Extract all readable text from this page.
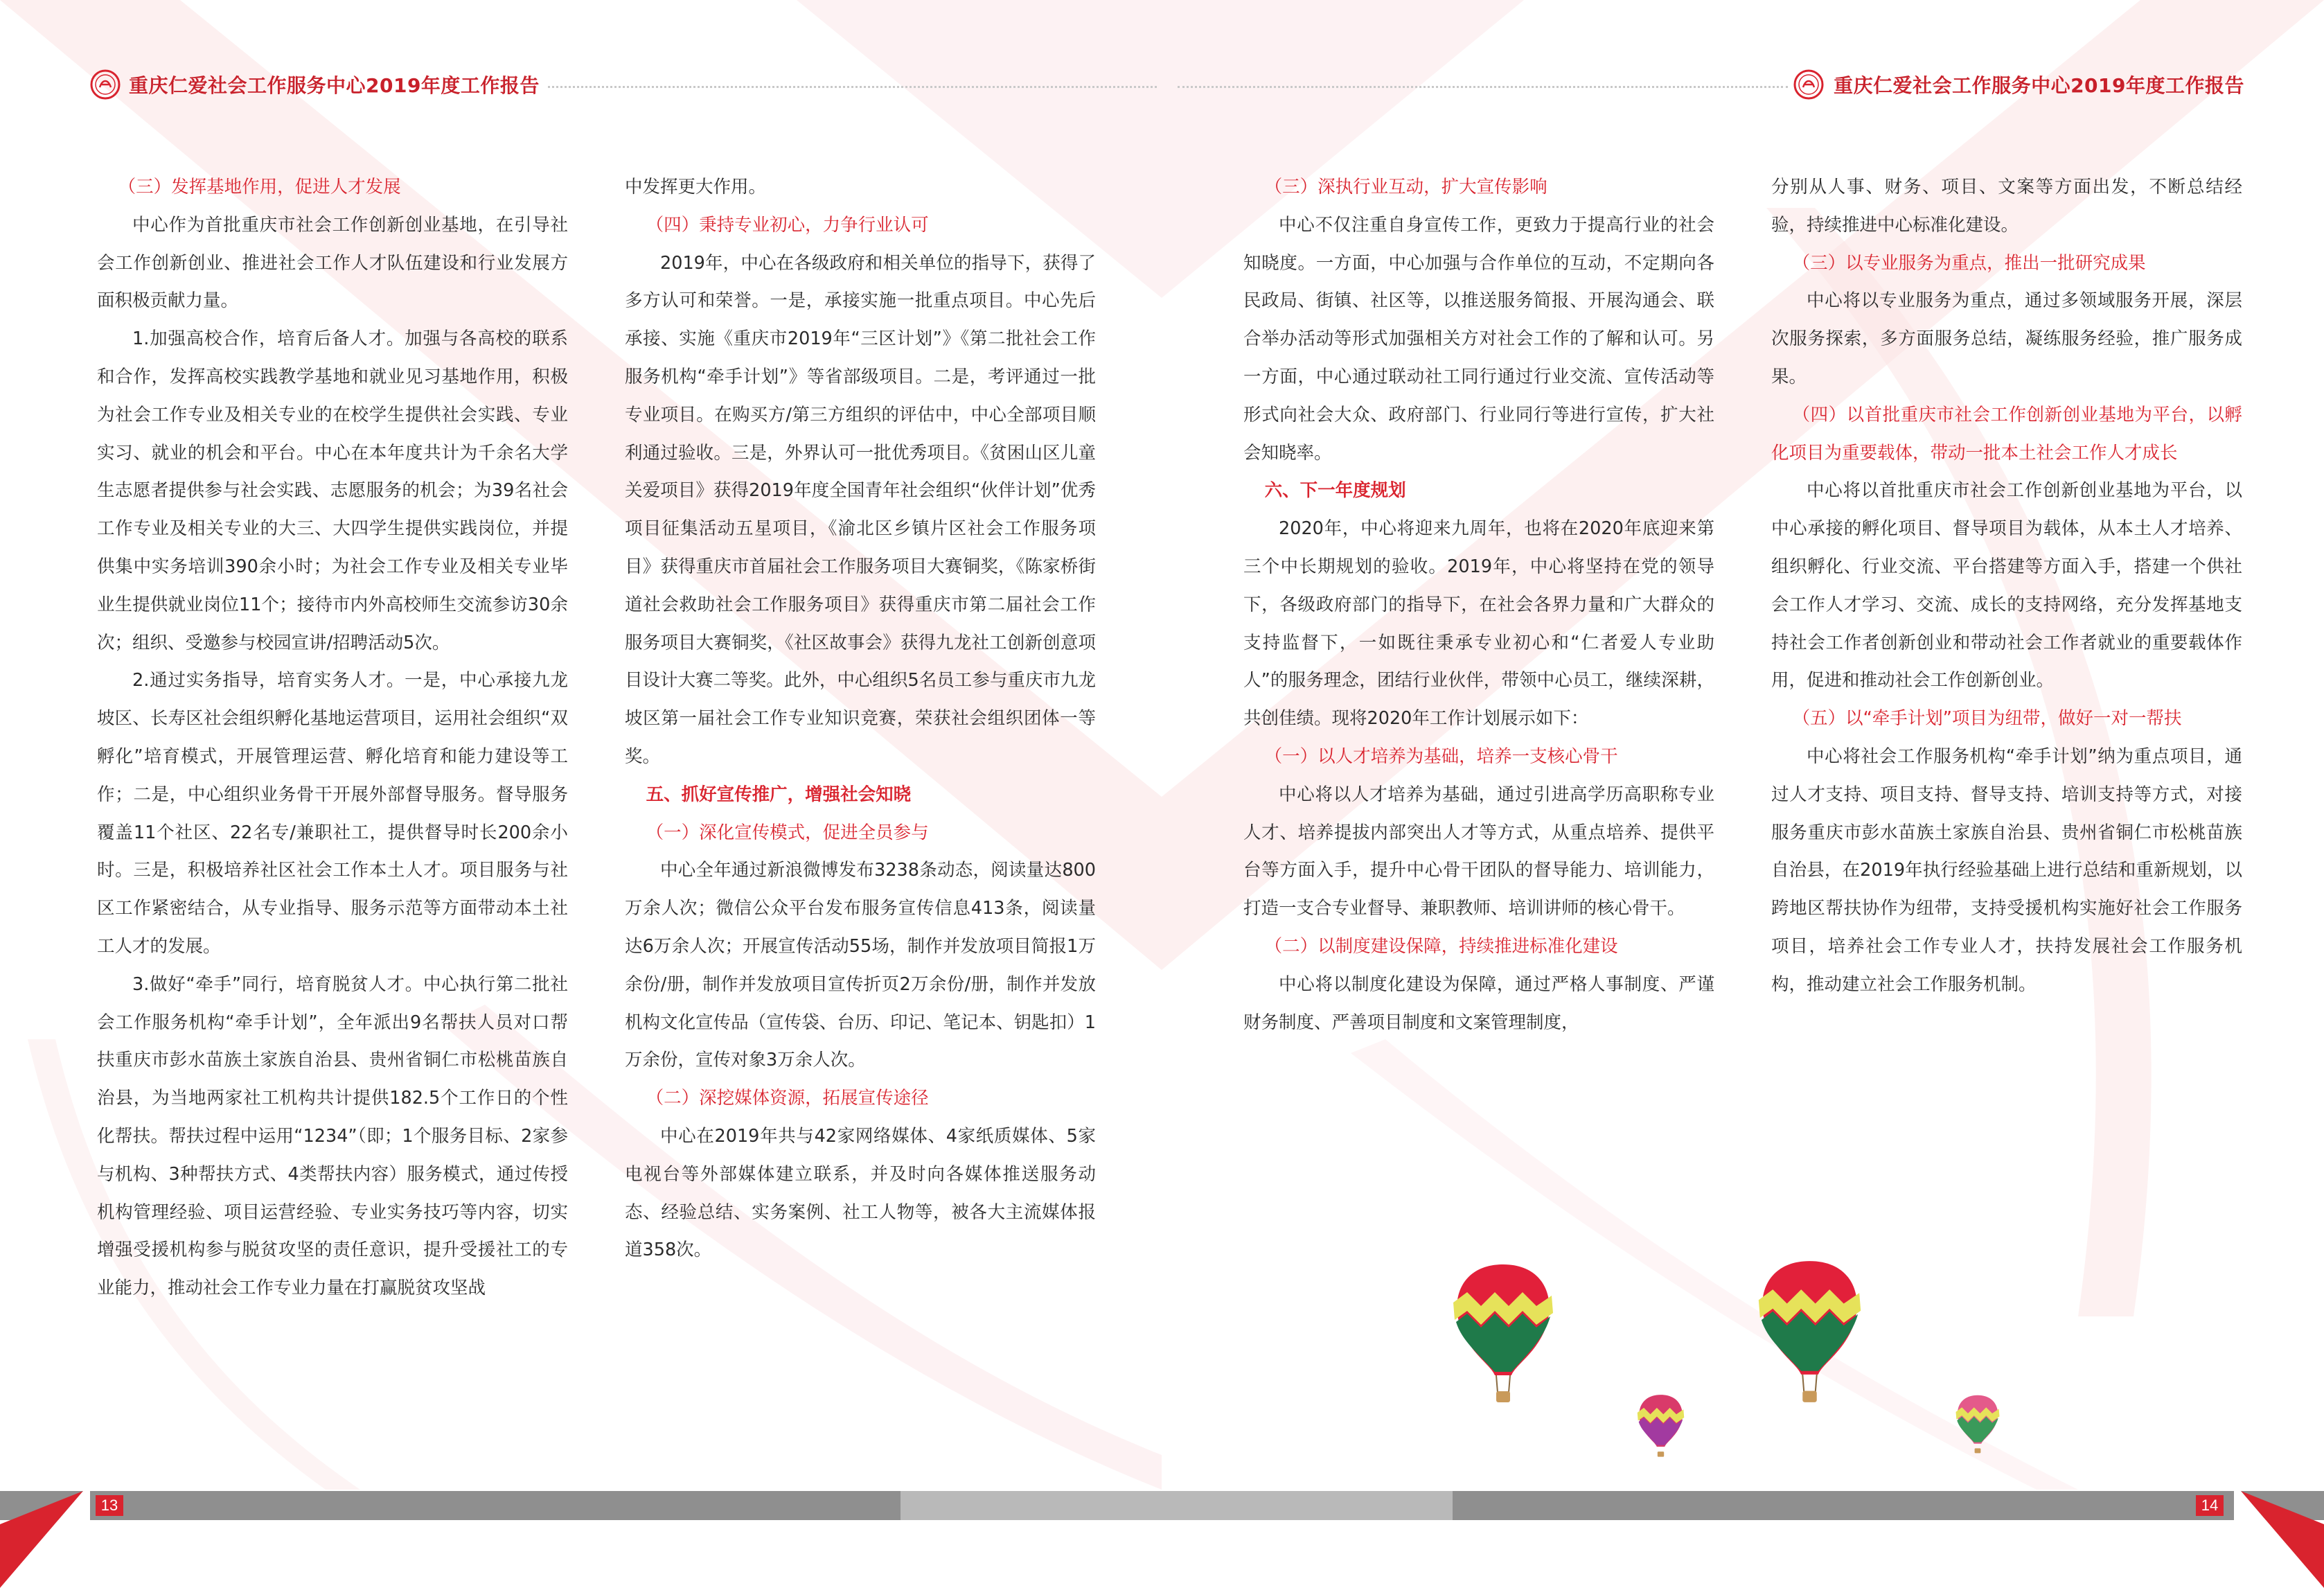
重庆仁爱社会工作服务中心2019年度工作报告	重庆仁爱社会工作服务中心2019年度工作报告

（三）发挥基地作用，促进人才发展

中心作为首批重庆市社会工作创新创业基地，在引导社会工作创新创业、推进社会工作人才队伍建设和行业发展方面积极贡献力量。

1.加强高校合作，培育后备人才。加强与各高校的联系和合作，发挥高校实践教学基地和就业见习基地作用，积极为社会工作专业及相关专业的在校学生提供社会实践、专业实习、就业的机会和平台。中心在本年度共计为千余名大学生志愿者提供参与社会实践、志愿服务的机会；为39名社会工作专业及相关专业的大三、大四学生提供实践岗位，并提供集中实务培训390余小时；为社会工作专业及相关专业毕业生提供就业岗位11个；接待市内外高校师生交流参访30余次；组织、受邀参与校园宣讲/招聘活动5次。

2.通过实务指导，培育实务人才。一是，中心承接九龙坡区、长寿区社会组织孵化基地运营项目，运用社会组织“双孵化”培育模式，开展管理运营、孵化培育和能力建设等工作；二是，中心组织业务骨干开展外部督导服务。督导服务覆盖11个社区、22名专/兼职社工，提供督导时长200余小时。三是，积极培养社区社会工作本土人才。项目服务与社区工作紧密结合，从专业指导、服务示范等方面带动本土社工人才的发展。

3.做好“牵手”同行，培育脱贫人才。中心执行第二批社会工作服务机构“牵手计划”，全年派出9名帮扶人员对口帮扶重庆市彭水苗族土家族自治县、贵州省铜仁市松桃苗族自治县，为当地两家社工机构共计提供182.5个工作日的个性化帮扶。帮扶过程中运用“1234”（即；1个服务目标、2家参与机构、3种帮扶方式、4类帮扶内容）服务模式，通过传授机构管理经验、项目运营经验、专业实务技巧等内容，切实增强受援机构参与脱贫攻坚的责任意识，提升受援社工的专业能力，推动社会工作专业力量在打赢脱贫攻坚战

中发挥更大作用。

（四）秉持专业初心，力争行业认可

2019年，中心在各级政府和相关单位的指导下，获得了多方认可和荣誉。一是，承接实施一批重点项目。中心先后承接、实施《重庆市2019年“三区计划”》《第二批社会工作服务机构“牵手计划”》等省部级项目。二是，考评通过一批专业项目。在购买方/第三方组织的评估中，中心全部项目顺利通过验收。三是，外界认可一批优秀项目。《贫困山区儿童关爱项目》获得2019年度全国青年社会组织“伙伴计划”优秀项目征集活动五星项目，《渝北区乡镇片区社会工作服务项目》获得重庆市首届社会工作服务项目大赛铜奖，《陈家桥街道社会救助社会工作服务项目》获得重庆市第二届社会工作服务项目大赛铜奖，《社区故事会》获得九龙社工创新创意项目设计大赛二等奖。此外，中心组织5名员工参与重庆市九龙坡区第一届社会工作专业知识竞赛，荣获社会组织团体一等奖。

五、抓好宣传推广，增强社会知晓

（一）深化宣传模式，促进全员参与

中心全年通过新浪微博发布3238条动态，阅读量达800万余人次；微信公众平台发布服务宣传信息413条，阅读量达6万余人次；开展宣传活动55场，制作并发放项目简报1万余份/册，制作并发放项目宣传折页2万余份/册，制作并发放机构文化宣传品（宣传袋、台历、印记、笔记本、钥匙扣）1万余份，宣传对象3万余人次。

（二）深挖媒体资源，拓展宣传途径

中心在2019年共与42家网络媒体、4家纸质媒体、5家电视台等外部媒体建立联系，并及时向各媒体推送服务动态、经验总结、实务案例、社工人物等，被各大主流媒体报道358次。

（三）深执行业互动，扩大宣传影响

中心不仅注重自身宣传工作，更致力于提高行业的社会知晓度。一方面，中心加强与合作单位的互动，不定期向各民政局、街镇、社区等，以推送服务简报、开展沟通会、联合举办活动等形式加强相关方对社会工作的了解和认可。另一方面，中心通过联动社工同行通过行业交流、宣传活动等形式向社会大众、政府部门、行业同行等进行宣传，扩大社会知晓率。

六、下一年度规划

2020年，中心将迎来九周年，也将在2020年底迎来第三个中长期规划的验收。2019年，中心将坚持在党的领导下，各级政府部门的指导下，在社会各界力量和广大群众的支持监督下，一如既往秉承专业初心和“仁者爱人专业助人”的服务理念，团结行业伙伴，带领中心员工，继续深耕，共创佳绩。现将2020年工作计划展示如下：

（一）以人才培养为基础，培养一支核心骨干

中心将以人才培养为基础，通过引进高学历高职称专业人才、培养提拔内部突出人才等方式，从重点培养、提供平台等方面入手，提升中心骨干团队的督导能力、培训能力，打造一支合专业督导、兼职教师、培训讲师的核心骨干。

（二）以制度建设保障，持续推进标准化建设

中心将以制度化建设为保障，通过严格人事制度、严谨财务制度、严善项目制度和文案管理制度，

分别从人事、财务、项目、文案等方面出发，不断总结经验，持续推进中心标准化建设。

（三）以专业服务为重点，推出一批研究成果

中心将以专业服务为重点，通过多领域服务开展，深层次服务探索，多方面服务总结，凝练服务经验，推广服务成果。

（四）以首批重庆市社会工作创新创业基地为平台，以孵化项目为重要载体，带动一批本土社会工作人才成长

中心将以首批重庆市社会工作创新创业基地为平台，以中心承接的孵化项目、督导项目为载体，从本土人才培养、组织孵化、行业交流、平台搭建等方面入手，搭建一个供社会工作人才学习、交流、成长的支持网络，充分发挥基地支持社会工作者创新创业和带动社会工作者就业的重要载体作用，促进和推动社会工作创新创业。

（五）以“牵手计划”项目为纽带，做好一对一帮扶

中心将社会工作服务机构“牵手计划”纳为重点项目，通过人才支持、项目支持、督导支持、培训支持等方式，对接服务重庆市彭水苗族土家族自治县、贵州省铜仁市松桃苗族自治县，在2019年执行经验基础上进行总结和重新规划，以跨地区帮扶协作为纽带，支持受援机构实施好社会工作服务项目，培养社会工作专业人才，扶持发展社会工作服务机构，推动建立社会工作服务机制。

13	14
